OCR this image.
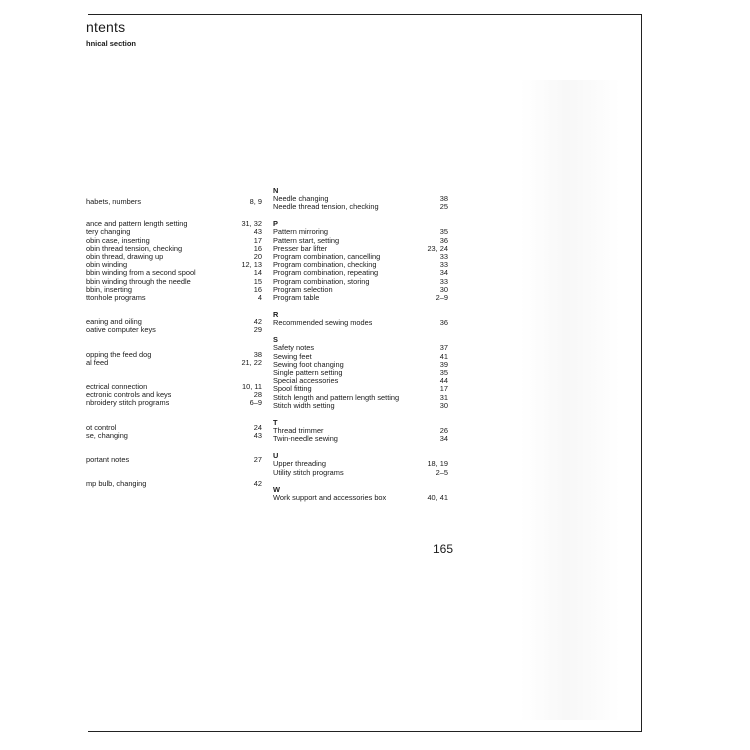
ntents
hnical section
habets, numbers	8, 9
ance and pattern length setting	31, 32
tery changing	43
obin case, inserting	17
obin thread tension, checking	16
obin thread, drawing up	20
obin winding	12, 13
bbin winding from a second spool	14
bbin winding through the needle	15
bbin, inserting	16
ttonhole programs	4
eaning and oiling	42
oative computer keys	29
opping the feed dog	38
al feed	21, 22
ectrical connection	10, 11
ectronic controls and keys	28
nbroidery stitch programs	6–9
ot control	24
se, changing	43
portant notes	27
mp bulb, changing	42
N
Needle changing	38
Needle thread tension, checking	25
P
Pattern mirroring	35
Pattern start, setting	36
Presser bar lifter	23, 24
Program combination, cancelling	33
Program combination, checking	33
Program combination, repeating	34
Program combination, storing	33
Program selection	30
Program table	2–9
R
Recommended sewing modes	36
S
Safety notes	37
Sewing feet	41
Sewing foot changing	39
Single pattern setting	35
Special accessories	44
Spool fitting	17
Stitch length and pattern length setting	31
Stitch width setting	30
T
Thread trimmer	26
Twin-needle sewing	34
U
Upper threading	18, 19
Utility stitch programs	2–5
W
Work support and accessories box	40, 41
165
